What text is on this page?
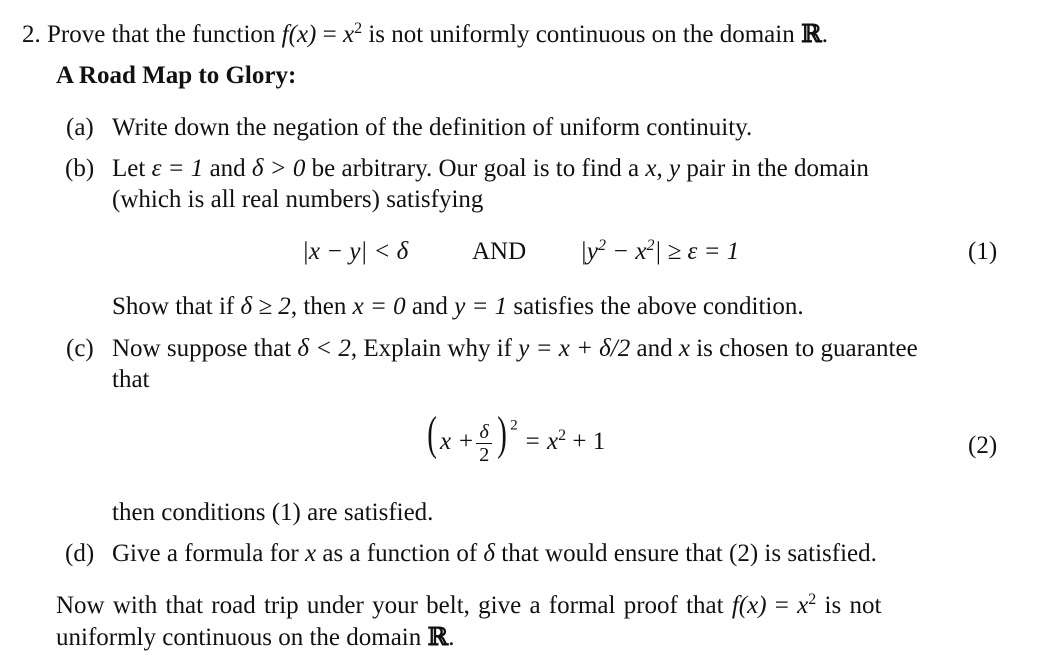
2. Prove that the function $f(x) = x^2$ is not uniformly continuous on the domain ℝ.
A Road Map to Glory:
(a) Write down the negation of the definition of uniform continuity.
(b) Let ε = 1 and δ > 0 be arbitrary. Our goal is to find a x, y pair in the domain
(which is all real numbers) satisfying
|x − y| < δ	AND $|y^2 - x^2| \ge \varepsilon = 1$	(1)
Show that if δ ≥ 2, then x = 0 and y = 1 satisfies the above condition.
(c) Now suppose that δ < 2, Explain why if y = x + δ/2 and x is chosen to guarantee
that
( $x + \frac{\delta}{2}$ ) $^2 = x^2 + 1$	(2)
then conditions (1) are satisfied.
(d) Give a formula for x as a function of δ that would ensure that (2) is satisfied.
Now with that road trip under your belt, give a formal proof that $f(x) = x^2$ is not
uniformly continuous on the domain ℝ.
